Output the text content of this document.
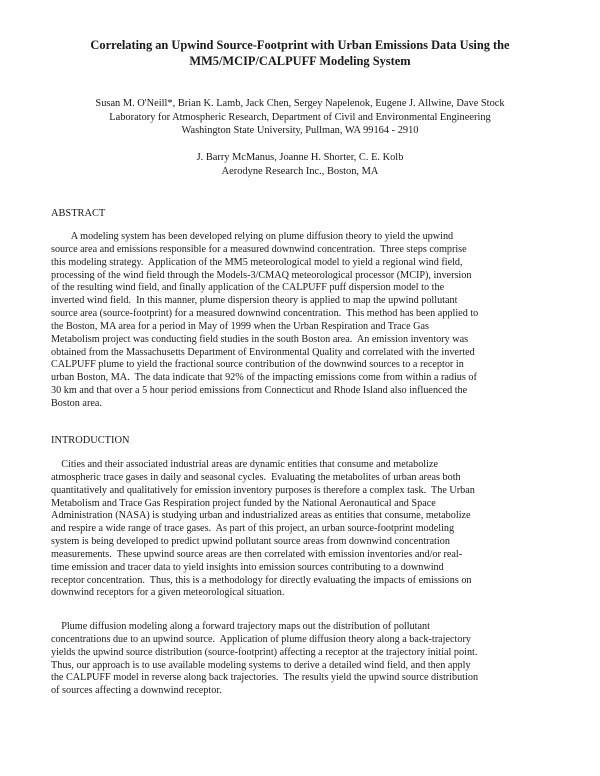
Correlating an Upwind Source-Footprint with Urban Emissions Data Using the
MM5/MCIP/CALPUFF Modeling System
Susan M. O'Neill*, Brian K. Lamb, Jack Chen, Sergey Napelenok, Eugene J. Allwine, Dave Stock
Laboratory for Atmospheric Research, Department of Civil and Environmental Engineering
Washington State University, Pullman, WA 99164 - 2910
J. Barry McManus, Joanne H. Shorter, C. E. Kolb
Aerodyne Research Inc., Boston, MA
ABSTRACT
A modeling system has been developed relying on plume diffusion theory to yield the upwind
source area and emissions responsible for a measured downwind concentration.  Three steps comprise
this modeling strategy.  Application of the MM5 meteorological model to yield a regional wind field,
processing of the wind field through the Models-3/CMAQ meteorological processor (MCIP), inversion
of the resulting wind field, and finally application of the CALPUFF puff dispersion model to the
inverted wind field.  In this manner, plume dispersion theory is applied to map the upwind pollutant
source area (source-footprint) for a measured downwind concentration.  This method has been applied to
the Boston, MA area for a period in May of 1999 when the Urban Respiration and Trace Gas
Metabolism project was conducting field studies in the south Boston area.  An emission inventory was
obtained from the Massachusetts Department of Environmental Quality and correlated with the inverted
CALPUFF plume to yield the fractional source contribution of the downwind sources to a receptor in
urban Boston, MA.  The data indicate that 92% of the impacting emissions come from within a radius of
30 km and that over a 5 hour period emissions from Connecticut and Rhode Island also influenced the
Boston area.
INTRODUCTION
Cities and their associated industrial areas are dynamic entities that consume and metabolize
atmospheric trace gases in daily and seasonal cycles.  Evaluating the metabolites of urban areas both
quantitatively and qualitatively for emission inventory purposes is therefore a complex task.  The Urban
Metabolism and Trace Gas Respiration project funded by the National Aeronautical and Space
Administration (NASA) is studying urban and industrialized areas as entities that consume, metabolize
and respire a wide range of trace gases.  As part of this project, an urban source-footprint modeling
system is being developed to predict upwind pollutant source areas from downwind concentration
measurements.  These upwind source areas are then correlated with emission inventories and/or real-
time emission and tracer data to yield insights into emission sources contributing to a downwind
receptor concentration.  Thus, this is a methodology for directly evaluating the impacts of emissions on
downwind receptors for a given meteorological situation.
Plume diffusion modeling along a forward trajectory maps out the distribution of pollutant
concentrations due to an upwind source.  Application of plume diffusion theory along a back-trajectory
yields the upwind source distribution (source-footprint) affecting a receptor at the trajectory initial point.
Thus, our approach is to use available modeling systems to derive a detailed wind field, and then apply
the CALPUFF model in reverse along back trajectories.  The results yield the upwind source distribution
of sources affecting a downwind receptor.
